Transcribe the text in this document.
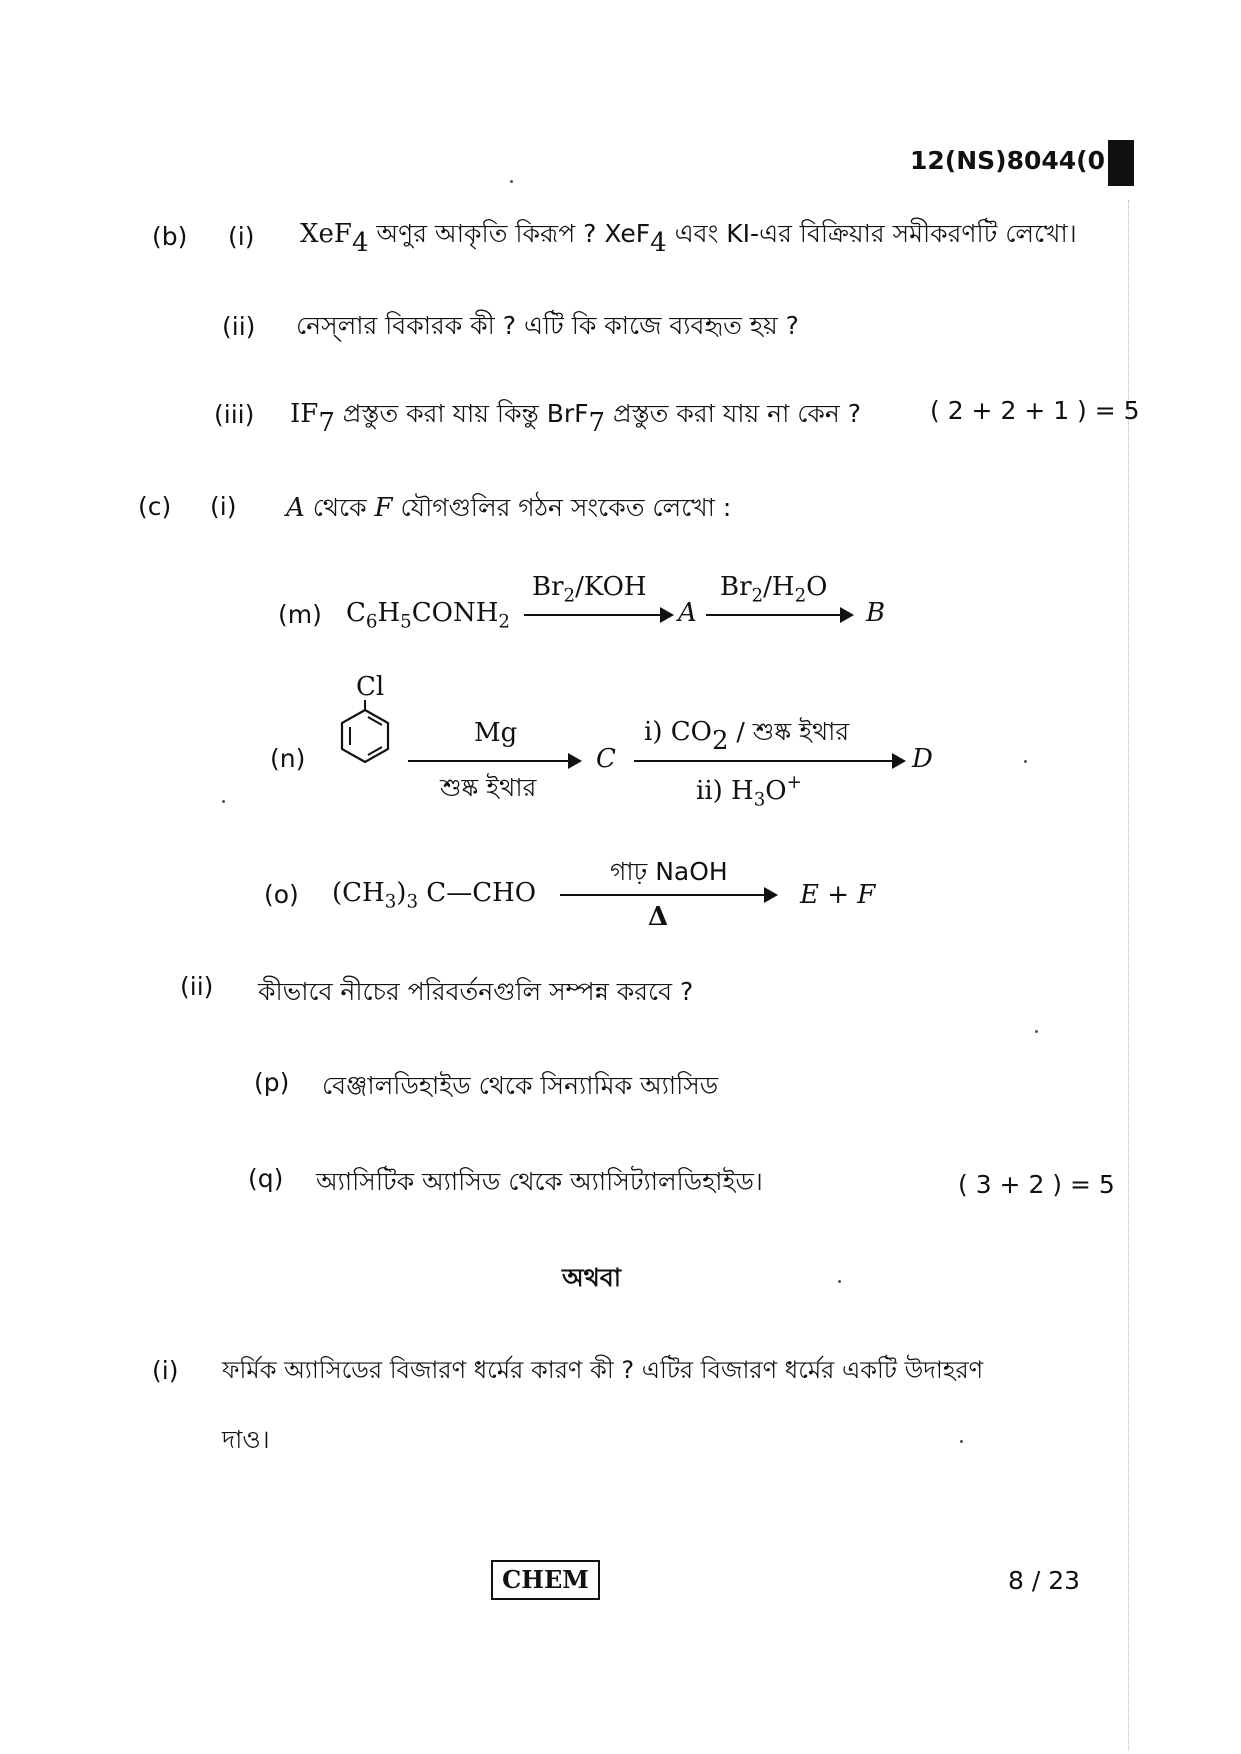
12(NS)8044(0
(b) (i) XeF$_4$ অণুর আকৃতি কিরূপ ? XeF$_4$ এবং KI-এর বিক্রিয়ার সমীকরণটি লেখো।
(ii) নেস্‌লার বিকারক কী ? এটি কি কাজে ব্যবহৃত হয় ?
(iii) $IF_7$ প্রস্তুত করা যায় কিন্তু BrF$_7$ প্রস্তুত করা যায় না কেন ?	( 2 + 2 + 1 ) = 5
(c) (i) A থেকে F যৌগগুলির গঠন সংকেত লেখো :
(m) $C_6H_5CONH_2$
$Br_2$/KOH
A
$Br_2/H_2O$
B
Cl
(n)
Mg
শুষ্ক ইথার
C
i) $CO_2$ / শুষ্ক ইথার
ii) $H_3O^+$
D
(o) $(CH_3)_3$ C—CHO
গাঢ় NaOH
Δ
E + F
(ii) কীভাবে নীচের পরিবর্তনগুলি সম্পন্ন করবে ?
(p) বেঞ্জালডিহাইড থেকে সিন্যামিক অ্যাসিড
(q) অ্যাসিটিক অ্যাসিড থেকে অ্যাসিট্যালডিহাইড।	( 3 + 2 ) = 5
অথবা
(i) ফর্মিক অ্যাসিডের বিজারণ ধর্মের কারণ কী ? এটির বিজারণ ধর্মের একটি উদাহরণ
দাও।
CHEM	8 / 23
